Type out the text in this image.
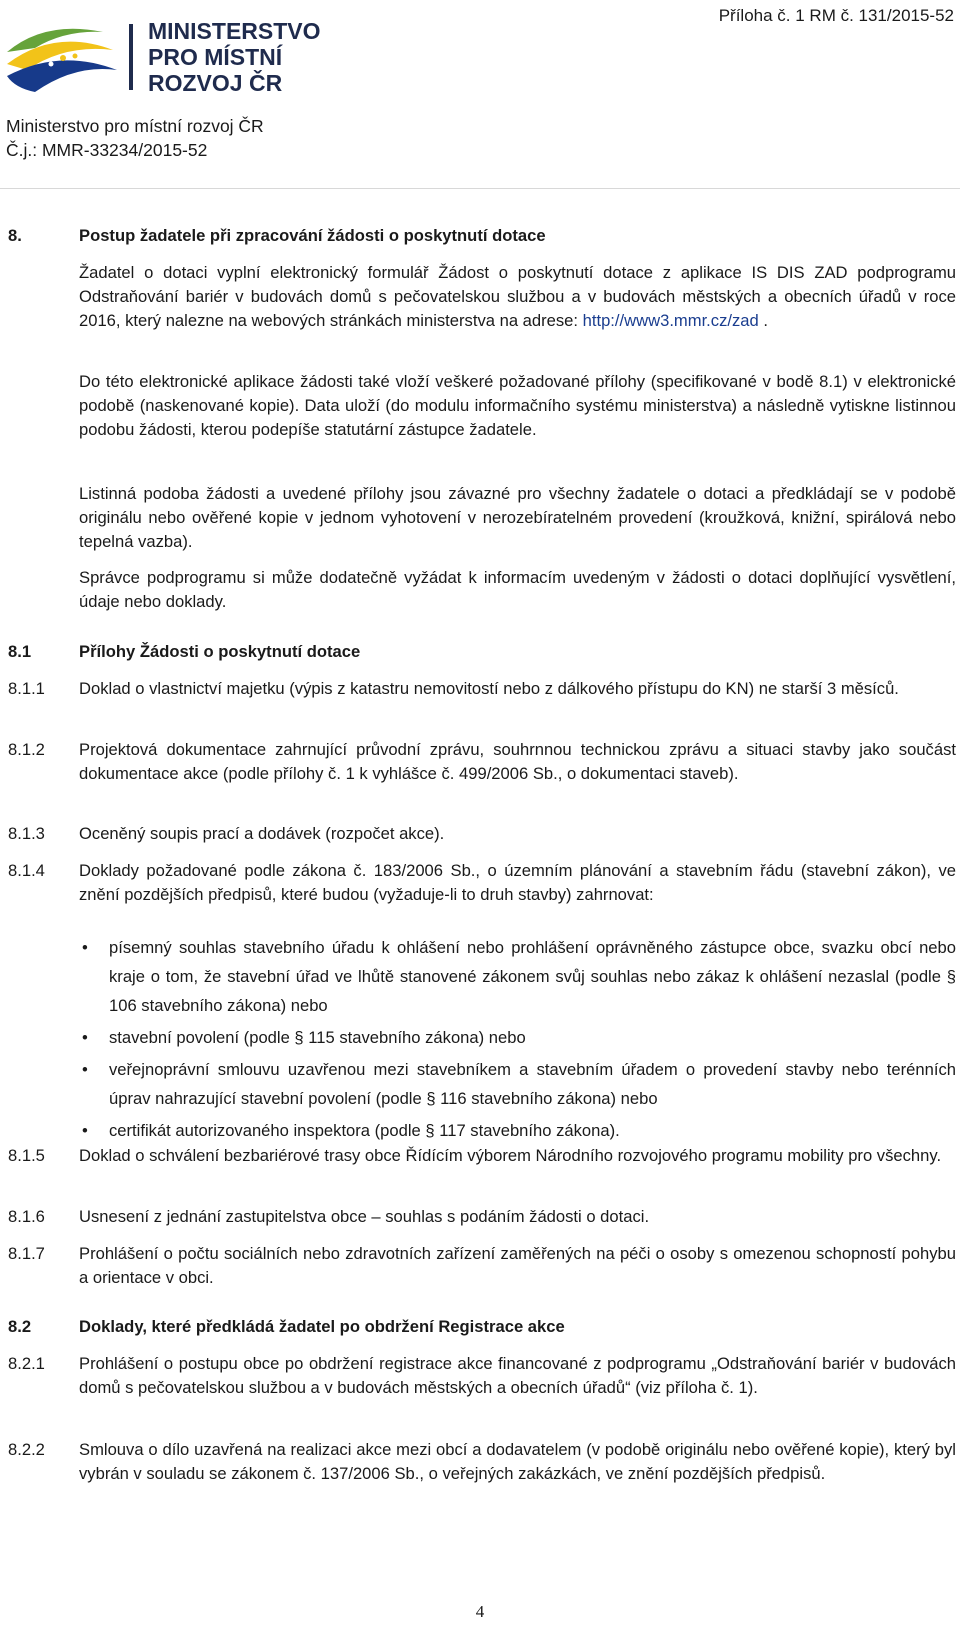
MINISTERSTVO
PRO MÍSTNÍ
ROZVOJ ČR
Příloha č. 1 RM č. 131/2015-52
Ministerstvo pro místní rozvoj ČR
Č.j.: MMR-33234/2015-52
8.	Postup žadatele při zpracování žádosti o poskytnutí dotace
Žadatel o dotaci vyplní elektronický formulář Žádost o poskytnutí dotace z aplikace IS DIS ZAD podprogramu Odstraňování bariér v budovách domů s pečovatelskou službou a v budovách městských a obecních úřadů v roce 2016, který nalezne na webových stránkách ministerstva na adrese: http://www3.mmr.cz/zad .
Do této elektronické aplikace žádosti také vloží veškeré požadované přílohy (specifikované v bodě 8.1) v elektronické podobě (naskenované kopie). Data uloží (do modulu informačního systému ministerstva) a následně vytiskne listinnou podobu žádosti, kterou podepíše statutární zástupce žadatele.
Listinná podoba žádosti a uvedené přílohy jsou závazné pro všechny žadatele o dotaci a předkládají se v podobě originálu nebo ověřené kopie v jednom vyhotovení v nerozebíratelném provedení (kroužková, knižní, spirálová nebo tepelná vazba).
Správce podprogramu si může dodatečně vyžádat k informacím uvedeným v žádosti o dotaci doplňující vysvětlení, údaje nebo doklady.
8.1	Přílohy Žádosti o poskytnutí dotace
8.1.1 Doklad o vlastnictví majetku (výpis z katastru nemovitostí nebo z dálkového přístupu do KN) ne starší 3 měsíců.
8.1.2 Projektová dokumentace zahrnující průvodní zprávu, souhrnnou technickou zprávu a situaci stavby jako součást dokumentace akce (podle přílohy č. 1 k vyhlášce č. 499/2006 Sb., o dokumentaci staveb).
8.1.3 Oceněný soupis prací a dodávek (rozpočet akce).
8.1.4 Doklady požadované podle zákona č. 183/2006 Sb., o územním plánování a stavebním řádu (stavební zákon), ve znění pozdějších předpisů, které budou (vyžaduje-li to druh stavby) zahrnovat:
• písemný souhlas stavebního úřadu k ohlášení nebo prohlášení oprávněného zástupce obce, svazku obcí nebo kraje o tom, že stavební úřad ve lhůtě stanovené zákonem svůj souhlas nebo zákaz k ohlášení nezaslal (podle § 106 stavebního zákona) nebo
• stavební povolení (podle § 115 stavebního zákona) nebo
• veřejnoprávní smlouvu uzavřenou mezi stavebníkem a stavebním úřadem o provedení stavby nebo terénních úprav nahrazující stavební povolení (podle § 116 stavebního zákona) nebo
• certifikát autorizovaného inspektora (podle § 117 stavebního zákona).
8.1.5 Doklad o schválení bezbariérové trasy obce Řídícím výborem Národního rozvojového programu mobility pro všechny.
8.1.6 Usnesení z jednání zastupitelstva obce – souhlas s podáním žádosti o dotaci.
8.1.7 Prohlášení o počtu sociálních nebo zdravotních zařízení zaměřených na péči o osoby s omezenou schopností pohybu a orientace v obci.
8.2	Doklady, které předkládá žadatel po obdržení Registrace akce
8.2.1 Prohlášení o postupu obce po obdržení registrace akce financované z podprogramu „Odstraňování bariér v budovách domů s pečovatelskou službou a v budovách městských a obecních úřadů“ (viz příloha č. 1).
8.2.2 Smlouva o dílo uzavřená na realizaci akce mezi obcí a dodavatelem (v podobě originálu nebo ověřené kopie), který byl vybrán v souladu se zákonem č. 137/2006 Sb., o veřejných zakázkách, ve znění pozdějších předpisů.
4
